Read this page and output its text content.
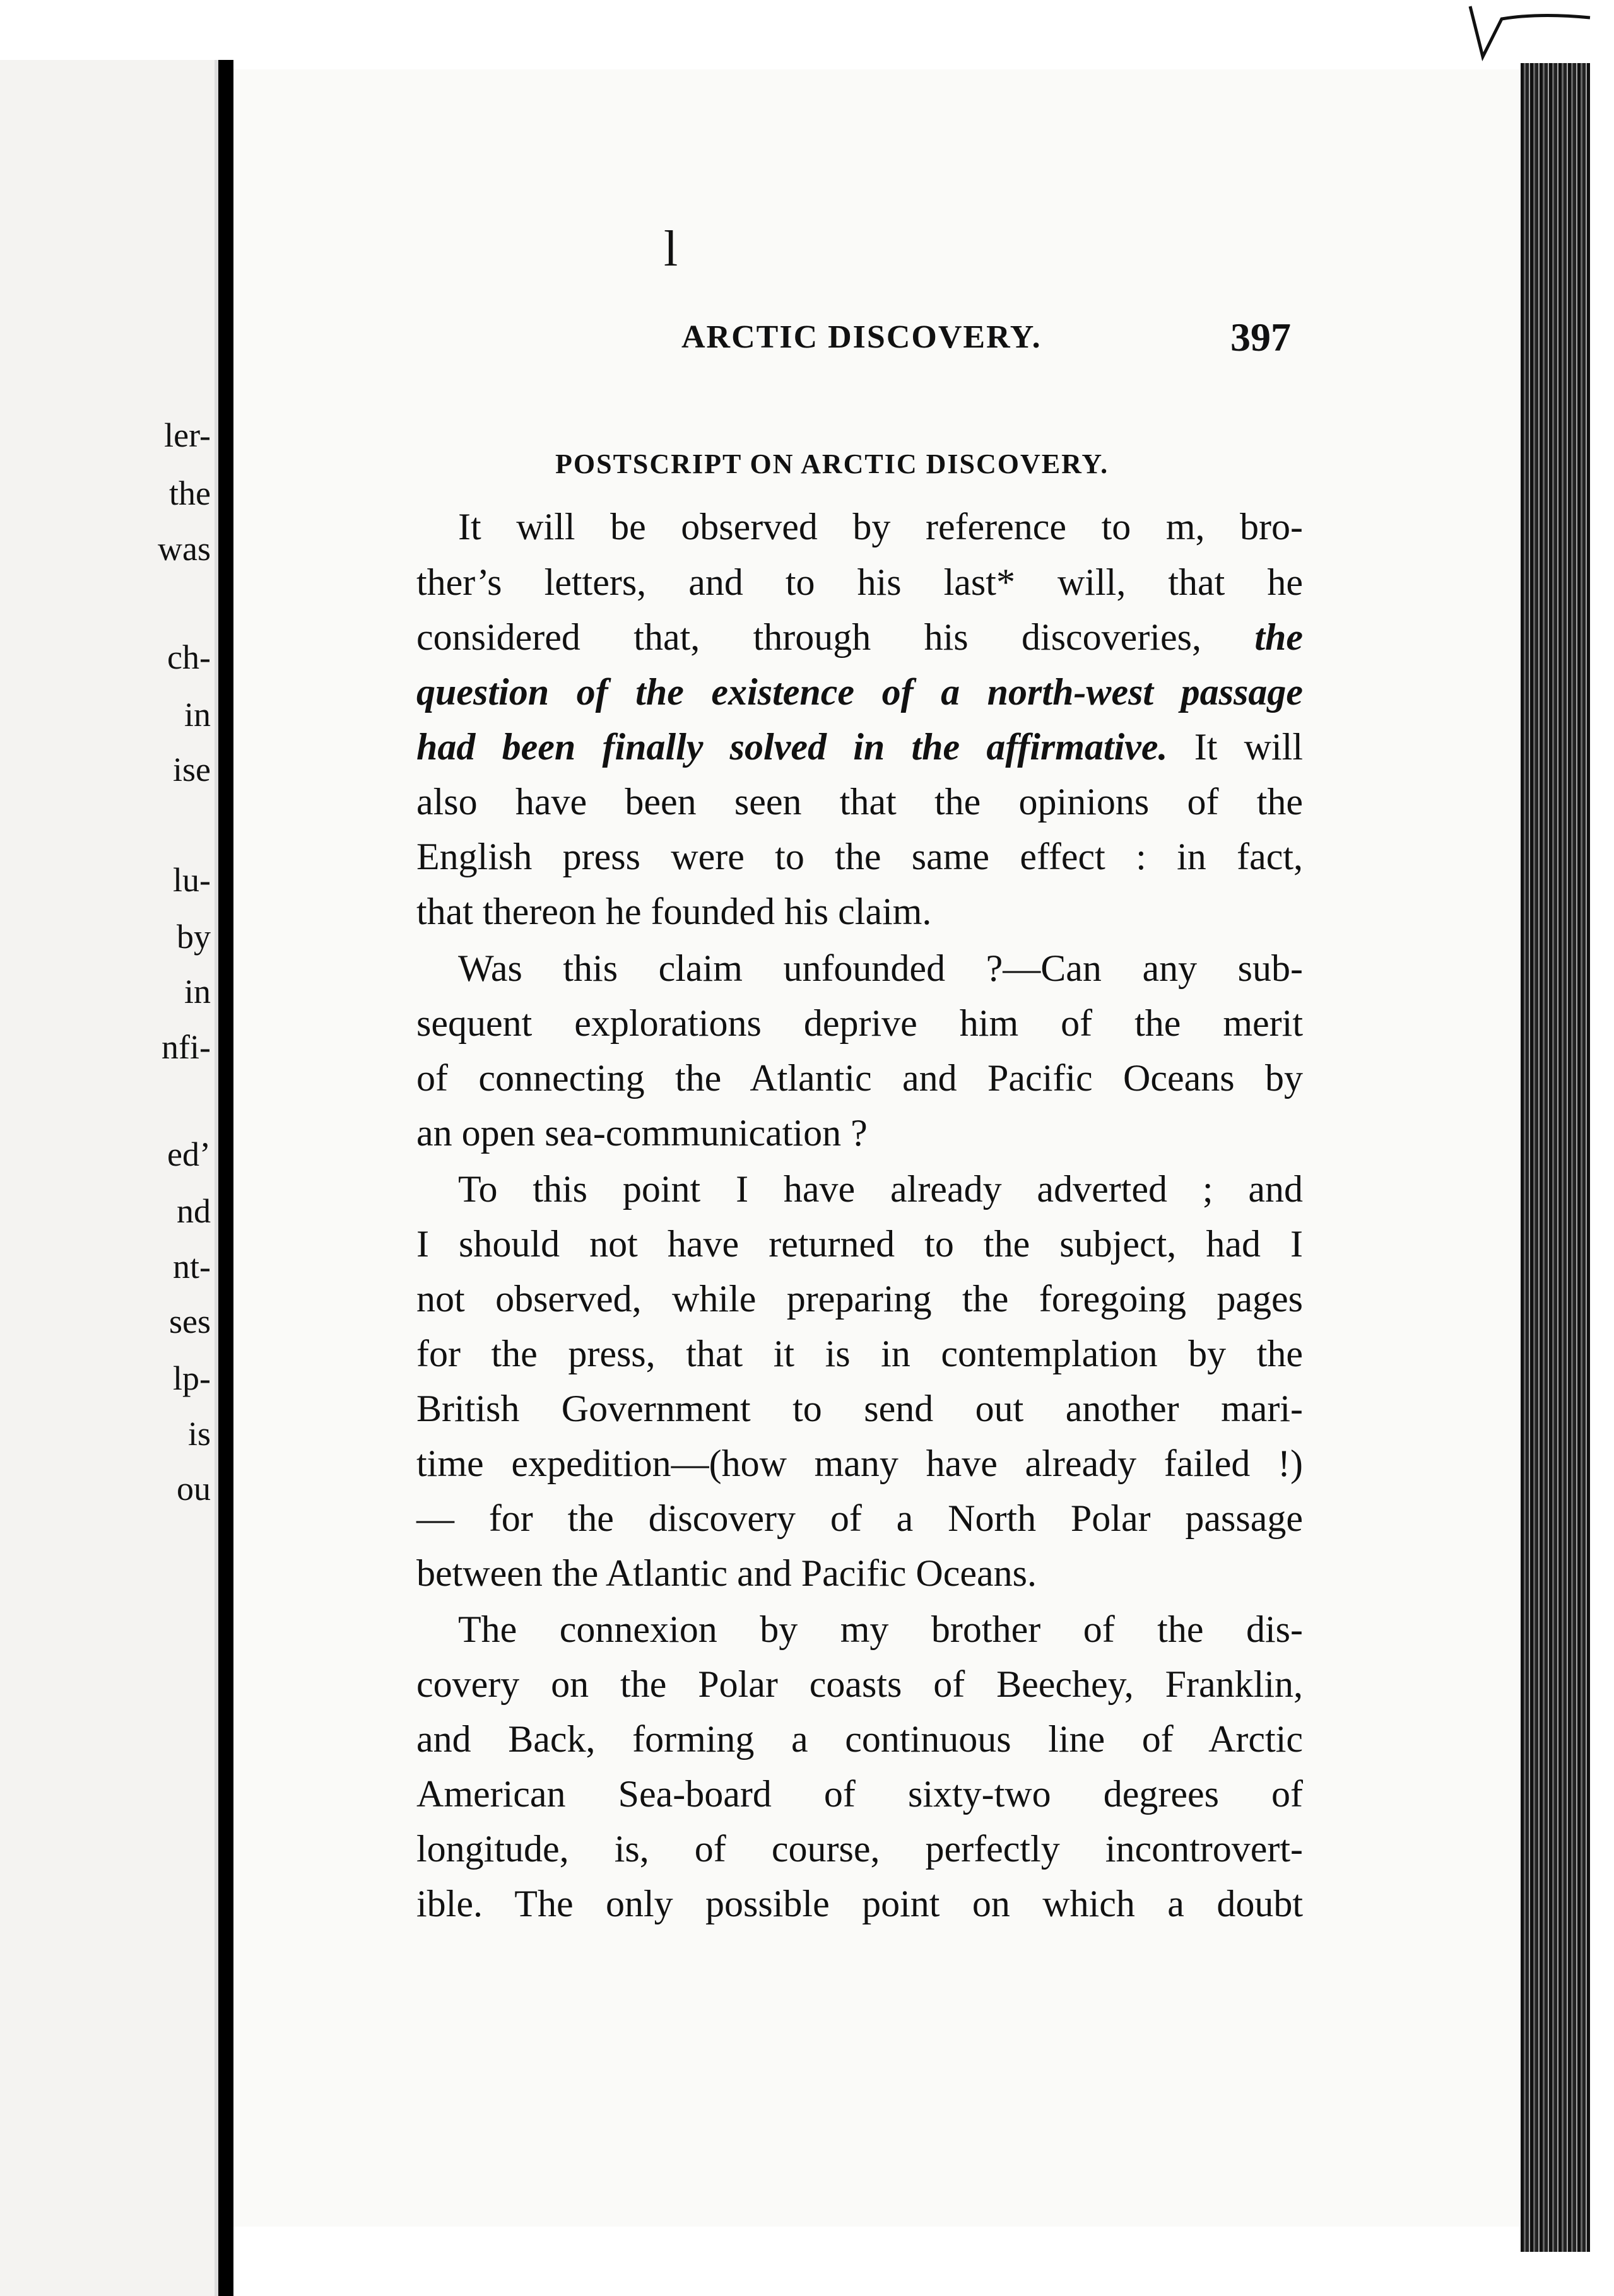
ler-
the
was
ch-
in
ise
lu-
by
in
nfi-
ed’
nd
nt-
ses
lp-
is
ou
l
ARCTIC DISCOVERY.	397
POSTSCRIPT ON ARCTIC DISCOVERY.
It will be observed by reference to m, bro-
ther’s letters, and to his last* will, that he
considered that, through his discoveries, the
question of the existence of a north-west passage
had been finally solved in the affirmative. It will
also have been seen that the opinions of the
English press were to the same effect : in fact,
that thereon he founded his claim.
Was this claim unfounded ?—Can any sub-
sequent explorations deprive him of the merit
of connecting the Atlantic and Pacific Oceans by
an open sea-communication ?
To this point I have already adverted ; and
I should not have returned to the subject, had I
not observed, while preparing the foregoing pages
for the press, that it is in contemplation by the
British Government to send out another mari-
time expedition—(how many have already failed !)
— for the discovery of a North Polar passage
between the Atlantic and Pacific Oceans.
The connexion by my brother of the dis-
covery on the Polar coasts of Beechey, Franklin,
and Back, forming a continuous line of Arctic
American Sea-board of sixty-two degrees of
longitude, is, of course, perfectly incontrovert-
ible. The only possible point on which a doubt
